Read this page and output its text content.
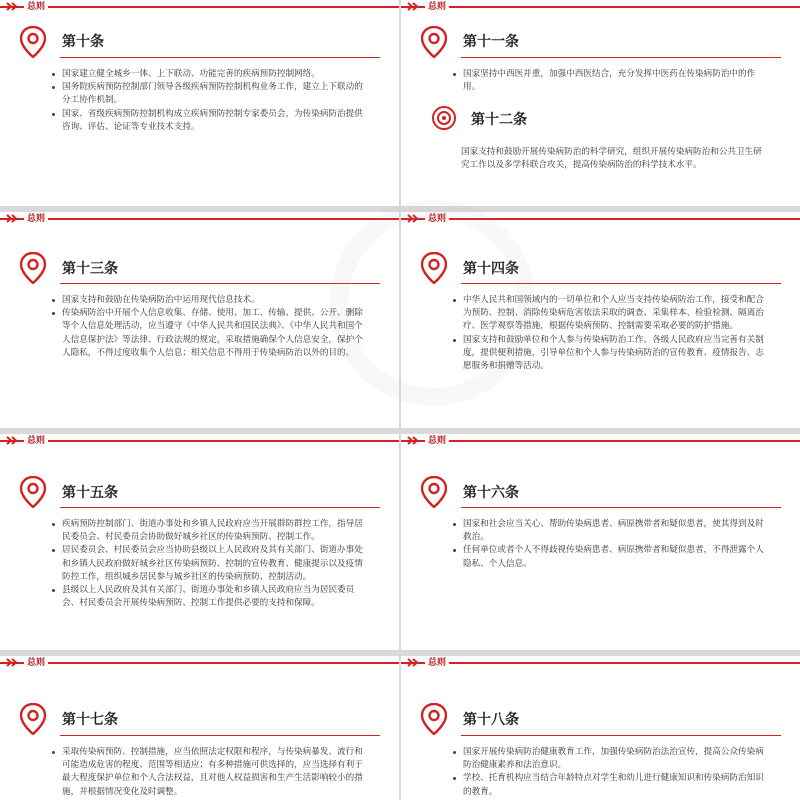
总则
第十条
国家建立健全城乡一体、上下联动、功能完善的疾病预防控制网络。
国务院疾病预防控制部门领导各级疾病预防控制机构业务工作，建立上下联动的分工协作机制。
国家、省级疾病预防控制机构成立疾病预防控制专家委员会，为传染病防治提供咨询、评估、论证等专业技术支持。
总则
第十一条
国家坚持中西医并重，加强中西医结合，充分发挥中医药在传染病防治中的作用。
第十二条
国家支持和鼓励开展传染病防治的科学研究，组织开展传染病防治和公共卫生研究工作以及多学科联合攻关，提高传染病防治的科学技术水平。
总则
第十三条
国家支持和鼓励在传染病防治中运用现代信息技术。
传染病防治中开展个人信息收集、存储、使用、加工、传输、提供、公开、删除等个人信息处理活动，应当遵守《中华人民共和国民法典》、《中华人民共和国个人信息保护法》等法律、行政法规的规定，采取措施确保个人信息安全，保护个人隐私，不得过度收集个人信息；相关信息不得用于传染病防治以外的目的。
总则
第十四条
中华人民共和国领域内的一切单位和个人应当支持传染病防治工作，接受和配合为预防、控制、消除传染病危害依法采取的调查、采集样本、检验检测、隔离治疗、医学观察等措施，根据传染病预防、控制需要采取必要的防护措施。
国家支持和鼓励单位和个人参与传染病防治工作。各级人民政府应当完善有关制度，提供便利措施，引导单位和个人参与传染病防治的宣传教育、疫情报告、志愿服务和捐赠等活动。
总则
第十五条
疾病预防控制部门、街道办事处和乡镇人民政府应当开展群防群控工作，指导居民委员会、村民委员会协助做好城乡社区的传染病预防、控制工作。
居民委员会、村民委员会应当协助县级以上人民政府及其有关部门、街道办事处和乡镇人民政府做好城乡社区传染病预防、控制的宣传教育、健康提示以及疫情防控工作，组织城乡居民参与城乡社区的传染病预防、控制活动。
县级以上人民政府及其有关部门、街道办事处和乡镇人民政府应当为居民委员会、村民委员会开展传染病预防、控制工作提供必要的支持和保障。
总则
第十六条
国家和社会应当关心、帮助传染病患者、病原携带者和疑似患者，使其得到及时救治。
任何单位或者个人不得歧视传染病患者、病原携带者和疑似患者，不得泄露个人隐私、个人信息。
总则
第十七条
采取传染病预防、控制措施，应当依照法定权限和程序，与传染病暴发、流行和可能造成危害的程度、范围等相适应；有多种措施可供选择的，应当选择有利于最大程度保护单位和个人合法权益，且对他人权益损害和生产生活影响较小的措施，并根据情况变化及时调整。
总则
第十八条
国家开展传染病防治健康教育工作，加强传染病防治法治宣传，提高公众传染病防治健康素养和法治意识。
学校、托育机构应当结合年龄特点对学生和幼儿进行健康知识和传染病防治知识的教育。
